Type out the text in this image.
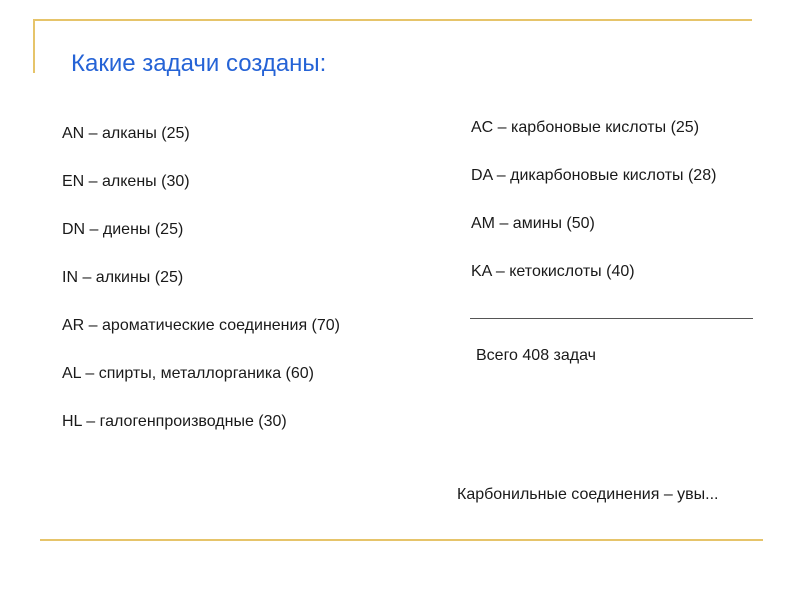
Какие задачи созданы:
AN – алканы (25)
EN – алкены (30)
DN – диены (25)
IN – алкины (25)
AR – ароматические соединения (70)
AL – спирты, металлорганика (60)
HL – галогенпроизводные (30)
AC – карбоновые кислоты (25)
DA – дикарбоновые кислоты (28)
AM – амины (50)
KA – кетокислоты (40)
Всего 408 задач
Карбонильные соединения – увы...
